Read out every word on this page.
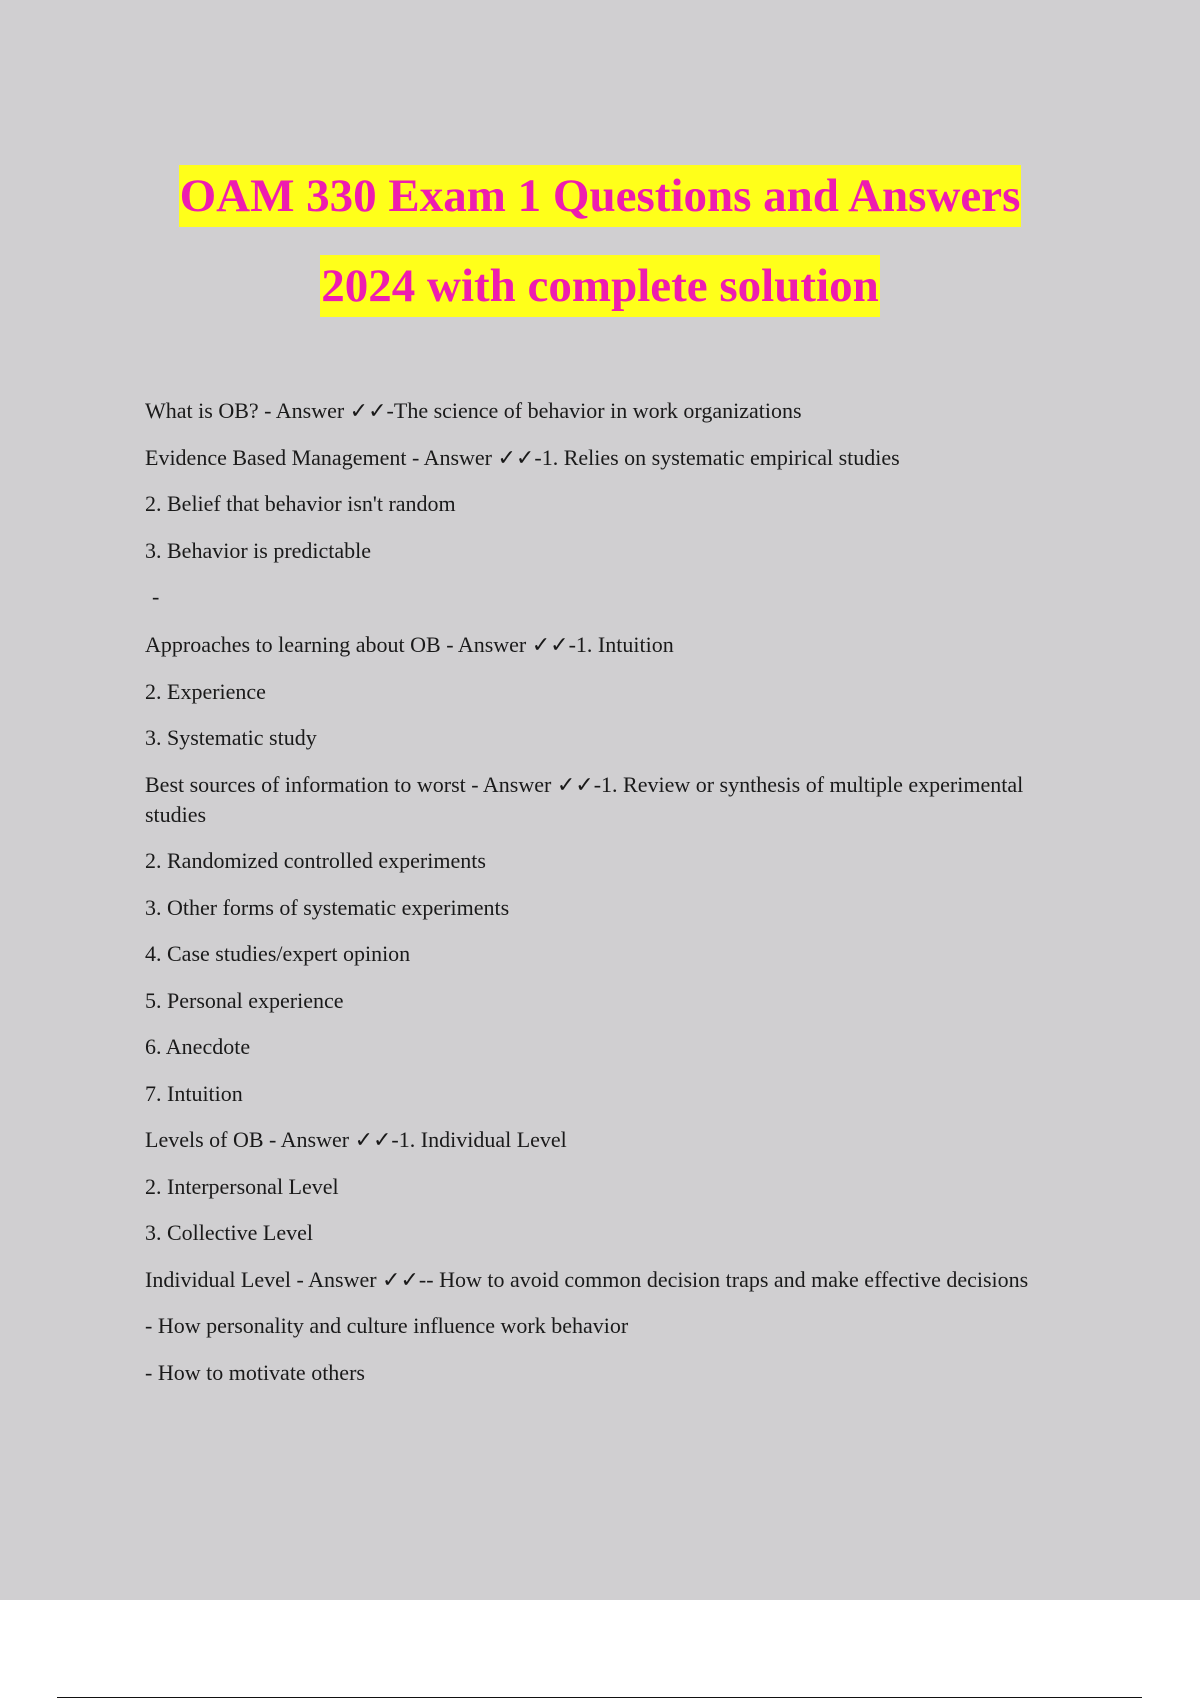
OAM 330 Exam 1 Questions and Answers
2024 with complete solution

What is OB? - Answer ✓✓-The science of behavior in work organizations

Evidence Based Management - Answer ✓✓-1. Relies on systematic empirical studies

2. Belief that behavior isn't random

3. Behavior is predictable

-

Approaches to learning about OB - Answer ✓✓-1. Intuition

2. Experience

3. Systematic study

Best sources of information to worst - Answer ✓✓-1. Review or synthesis of multiple experimental studies

2. Randomized controlled experiments

3. Other forms of systematic experiments

4. Case studies/expert opinion

5. Personal experience

6. Anecdote

7. Intuition

Levels of OB - Answer ✓✓-1. Individual Level

2. Interpersonal Level

3. Collective Level

Individual Level - Answer ✓✓-- How to avoid common decision traps and make effective decisions

- How personality and culture influence work behavior

- How to motivate others
